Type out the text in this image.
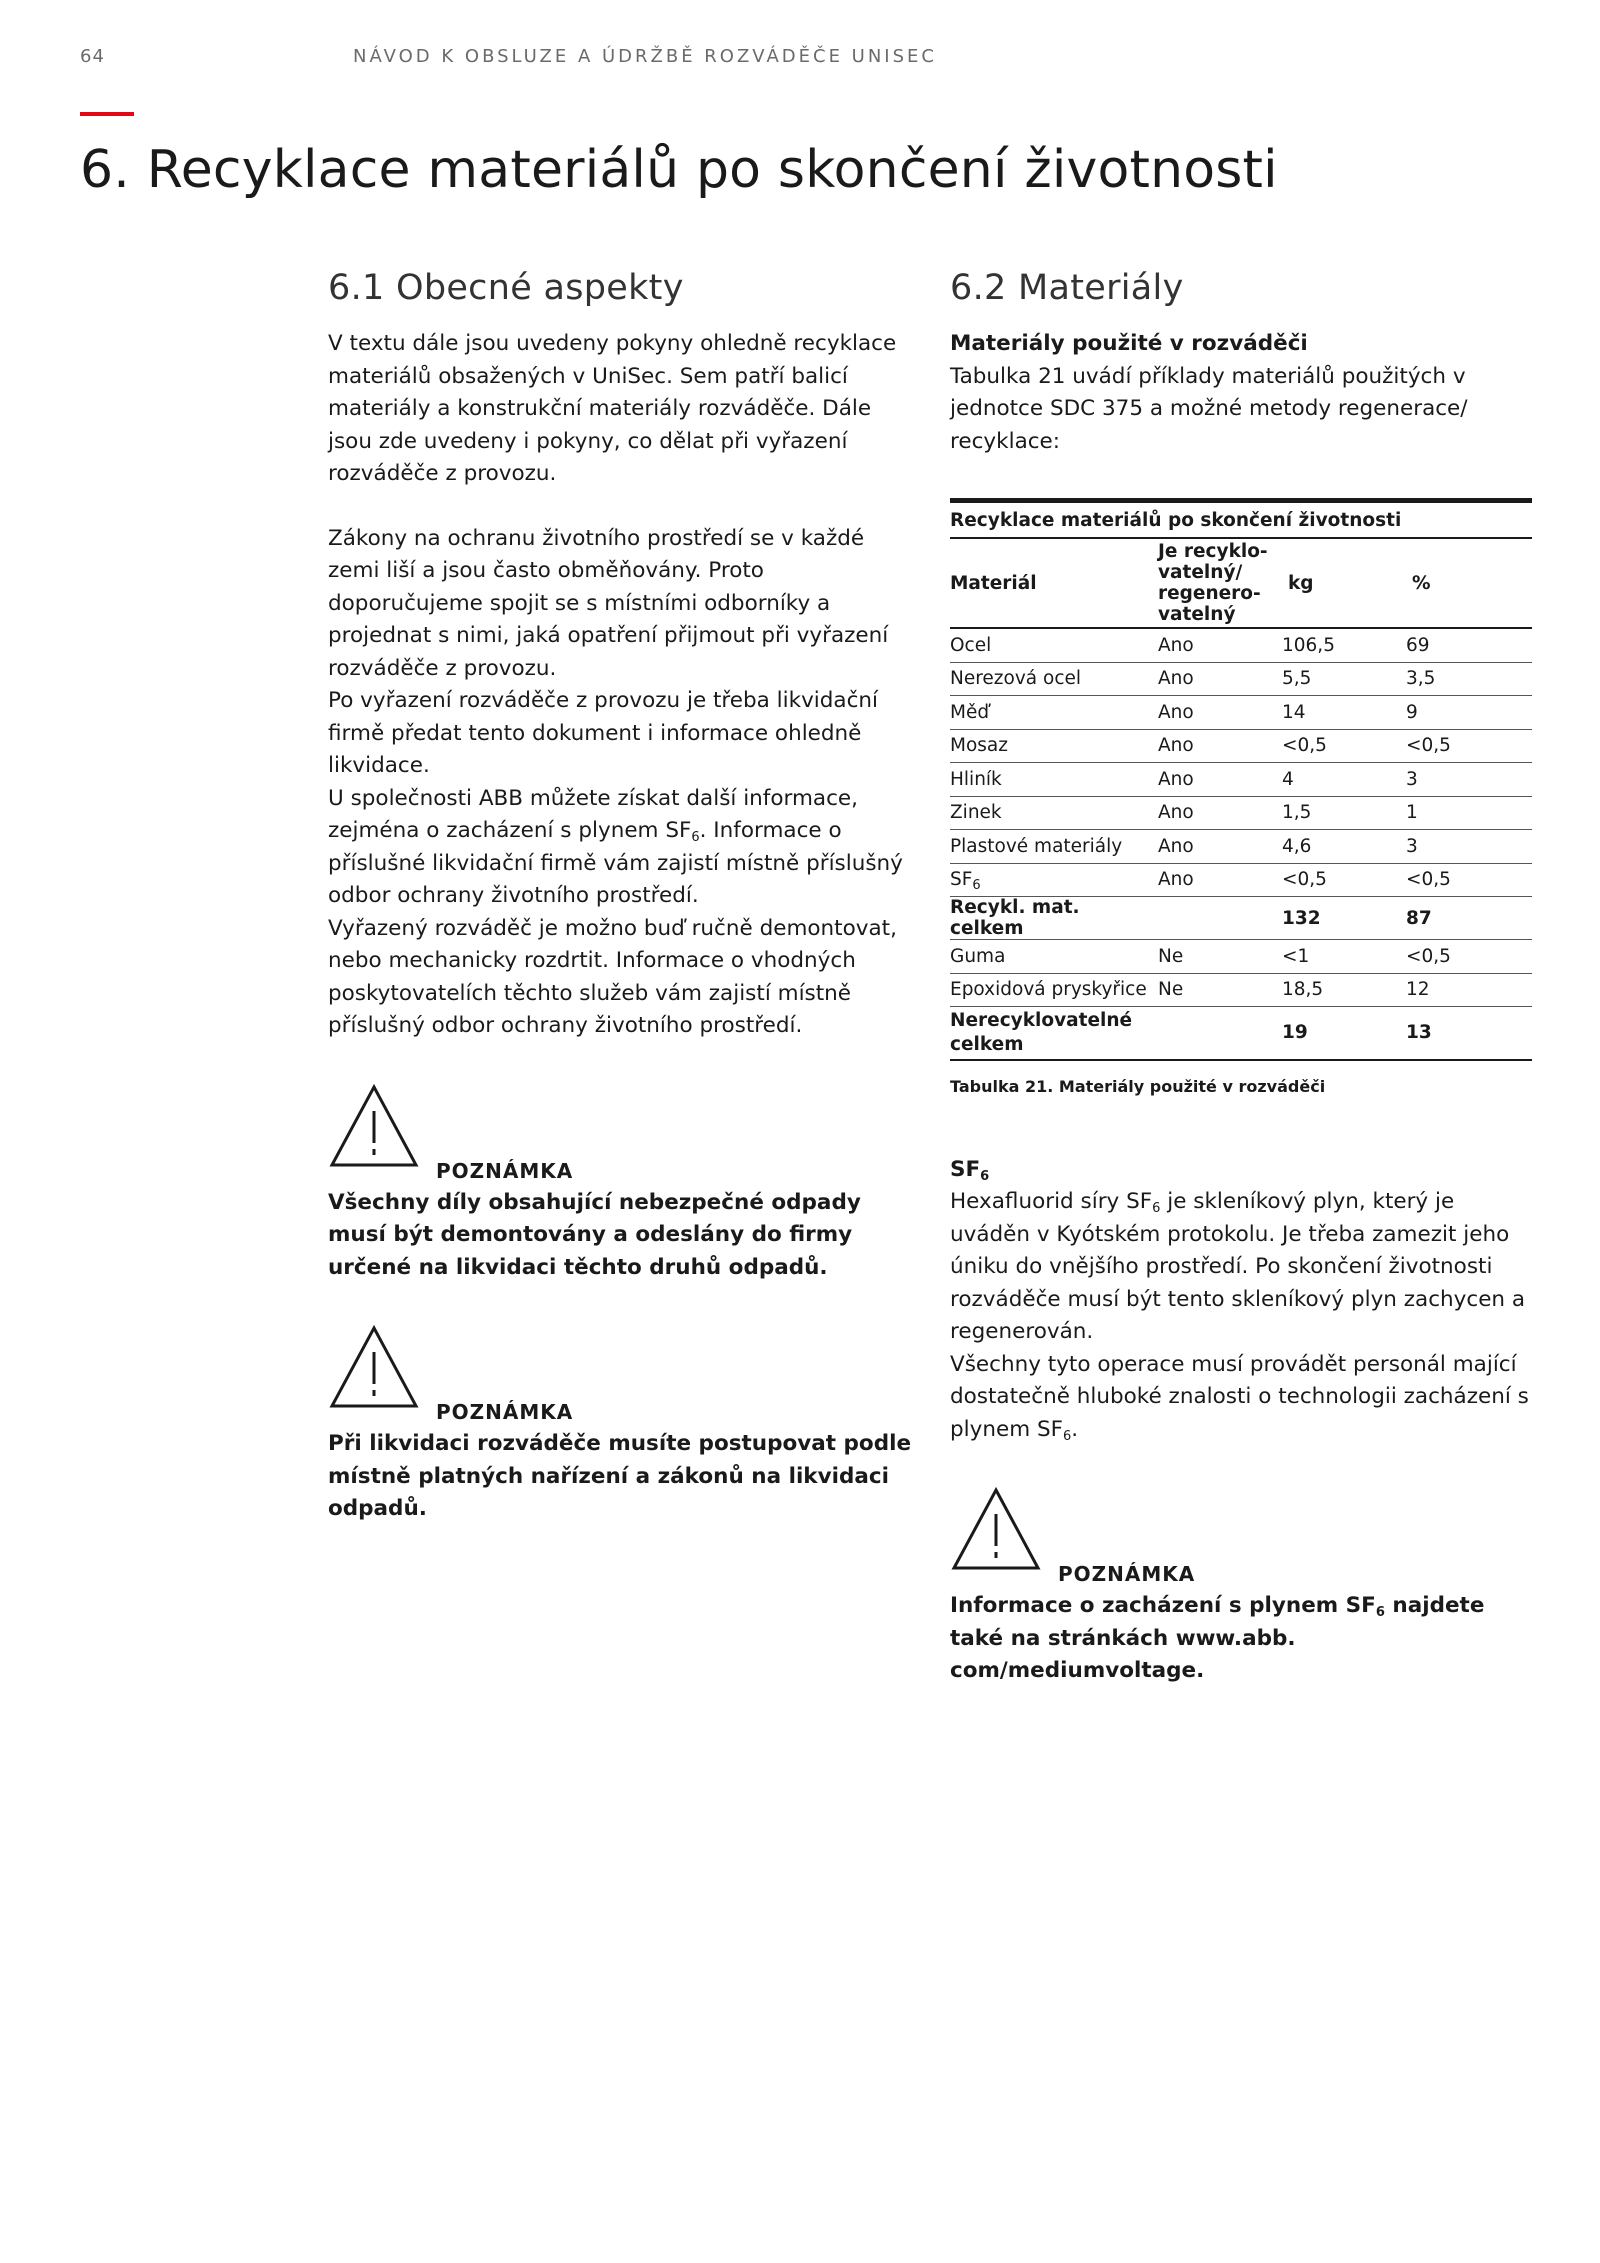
64	NÁVOD K OBSLUZE A ÚDRŽBĚ ROZVÁDĚČE UNISEC
6. Recyklace materiálů po skončení životnosti
6.1 Obecné aspekty

V textu dále jsou uvedeny pokyny ohledně recyklace materiálů obsažených v UniSec. Sem patří balicí materiály a konstrukční materiály rozváděče. Dále jsou zde uvedeny i pokyny, co dělat při vyřazení rozváděče z provozu.

Zákony na ochranu životního prostředí se v každé zemi liší a jsou často obměňovány. Proto doporučujeme spojit se s místními odborníky a projednat s nimi, jaká opatření přijmout při vyřazení rozváděče z provozu.

Po vyřazení rozváděče z provozu je třeba likvidační firmě předat tento dokument i informace ohledně likvidace.

U společnosti ABB můžete získat další informace, zejména o zacházení s plynem $SF_6$. Informace o příslušné likvidační firmě vám zajistí místně příslušný odbor ochrany životního prostředí.

Vyřazený rozváděč je možno buď ručně demontovat, nebo mechanicky rozdrtit. Informace o vhodných poskytovatelích těchto služeb vám zajistí místně příslušný odbor ochrany životního prostředí.

POZNÁMKA

Všechny díly obsahující nebezpečné odpady musí být demontovány a odeslány do firmy určené na likvidaci těchto druhů odpadů.

POZNÁMKA

Při likvidaci rozváděče musíte postupovat podle místně platných nařízení a zákonů na likvidaci odpadů.

6.2 Materiály

Materiály použité v rozváděči

Tabulka 21 uvádí příklady materiálů použitých v jednotce SDC 375 a možné metody regenerace/ recyklace:

Recyklace materiálů po skončení životnosti			
Materiál	Je recyklo-vatelný/ regenero-vatelný	kg	%
Ocel	Ano	106,5	69
Nerezová ocel	Ano	5,5	3,5
Měď	Ano	14	9
Mosaz	Ano	<0,5	<0,5
Hliník	Ano	4	3
Zinek	Ano	1,5	1
Plastové materiály	Ano	4,6	3
$SF_6$	Ano	<0,5	<0,5
Recykl. mat. celkem		132	87
Guma	Ne	<1	<0,5
Epoxidová pryskyřice	Ne	18,5	12
Nerecyklovatelné celkem		19	13

Tabulka 21. Materiály použité v rozváděči

$SF_6$

Hexafluorid síry $SF_6$ je skleníkový plyn, který je uváděn v Kyótském protokolu. Je třeba zamezit jeho úniku do vnějšího prostředí. Po skončení životnosti rozváděče musí být tento skleníkový plyn zachycen a regenerován.

Všechny tyto operace musí provádět personál mající dostatečně hluboké znalosti o technologii zacházení s plynem $SF_6$.

POZNÁMKA

Informace o zacházení s plynem $SF_6$ najdete také na stránkách www.abb. com/mediumvoltage.
